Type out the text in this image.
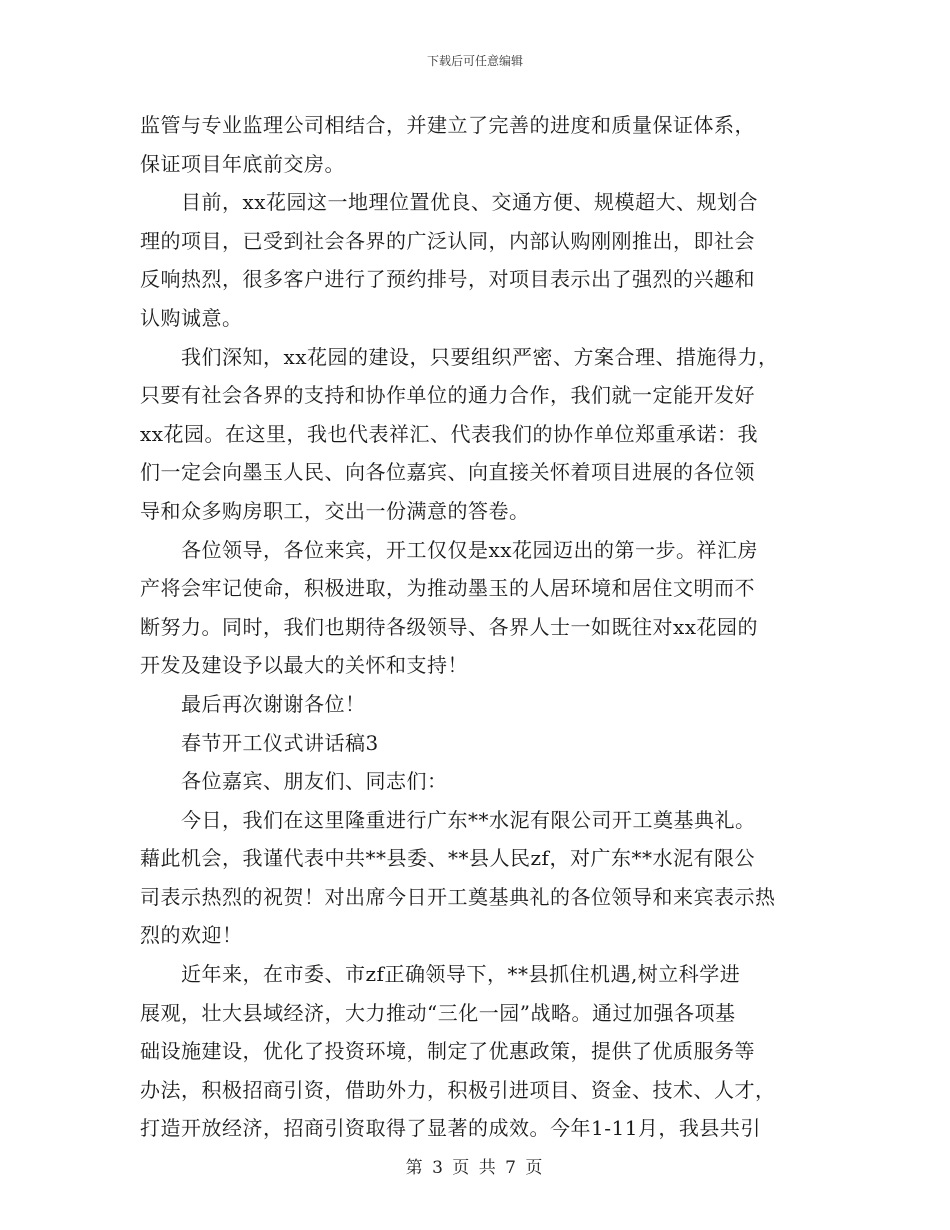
下载后可任意编辑
监管与专业监理公司相结合，并建立了完善的进度和质量保证体系，
保证项目年底前交房。
　　目前，xx花园这一地理位置优良、交通方便、规模超大、规划合
理的项目，已受到社会各界的广泛认同，内部认购刚刚推出，即社会
反响热烈，很多客户进行了预约排号，对项目表示出了强烈的兴趣和
认购诚意。
　　我们深知，xx花园的建设，只要组织严密、方案合理、措施得力，
只要有社会各界的支持和协作单位的通力合作，我们就一定能开发好
xx花园。在这里，我也代表祥汇、代表我们的协作单位郑重承诺：我
们一定会向墨玉人民、向各位嘉宾、向直接关怀着项目进展的各位领
导和众多购房职工，交出一份满意的答卷。
　　各位领导，各位来宾，开工仅仅是xx花园迈出的第一步。祥汇房
产将会牢记使命，积极进取，为推动墨玉的人居环境和居住文明而不
断努力。同时，我们也期待各级领导、各界人士一如既往对xx花园的
开发及建设予以最大的关怀和支持！
　　最后再次谢谢各位！
　　春节开工仪式讲话稿3
　　各位嘉宾、朋友们、同志们：
　　今日，我们在这里隆重进行广东**水泥有限公司开工奠基典礼。
藉此机会，我谨代表中共**县委、**县人民zf，对广东**水泥有限公
司表示热烈的祝贺！对出席今日开工奠基典礼的各位领导和来宾表示热
烈的欢迎！
　　近年来，在市委、市zf正确领导下，**县抓住机遇,树立科学进
展观，壮大县域经济，大力推动“三化一园”战略。通过加强各项基
础设施建设，优化了投资环境，制定了优惠政策，提供了优质服务等
办法，积极招商引资，借助外力，积极引进项目、资金、技术、人才，
打造开放经济，招商引资取得了显著的成效。今年1-11月，我县共引
第 3 页 共 7 页
